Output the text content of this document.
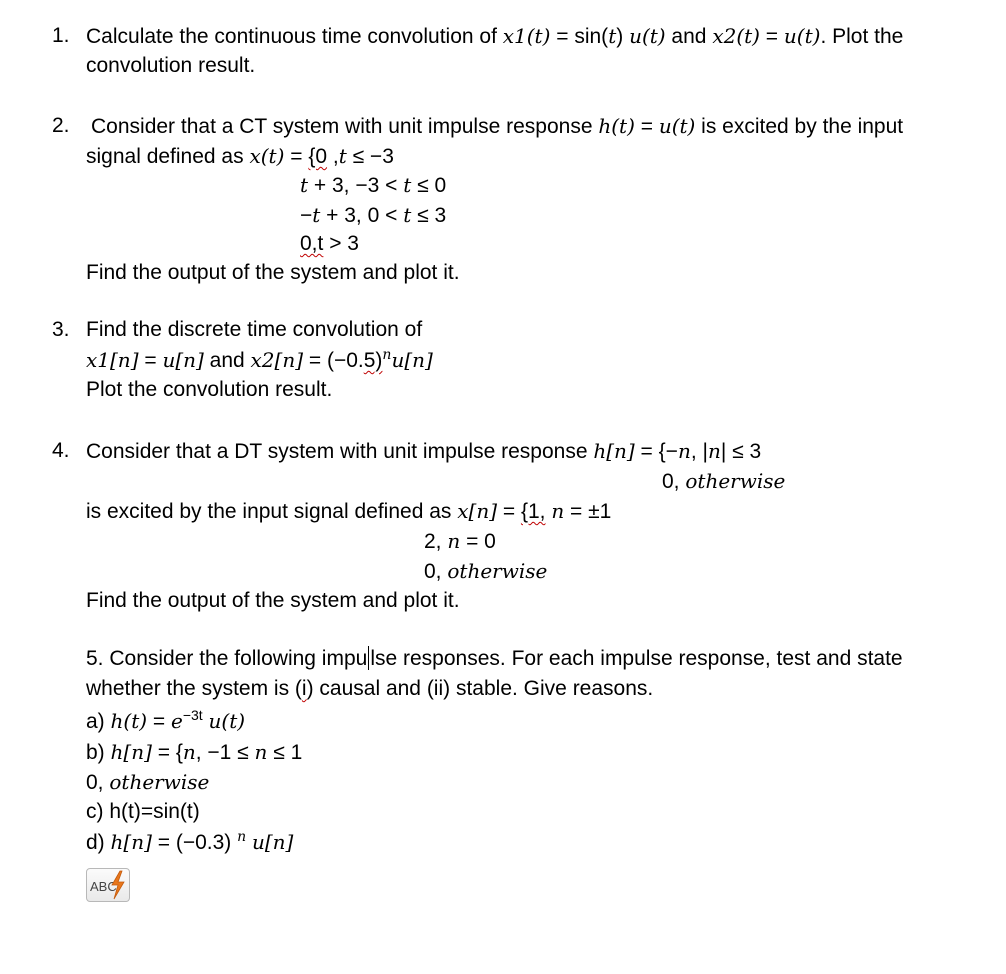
1. Calculate the continuous time convolution of x1(t) = sin(t) u(t) and x2(t) = u(t). Plot the
convolution result.
2. Consider that a CT system with unit impulse response h(t) = u(t) is excited by the input
signal defined as x(t) = {0 ,t ≤ −3
t + 3, −3 < t ≤ 0
−t + 3, 0 < t ≤ 3
0,t > 3
Find the output of the system and plot it.
3. Find the discrete time convolution of
x1[n] = u[n] and $x2[n] = (-0.5)^nu[n]$
Plot the convolution result.
4. Consider that a DT system with unit impulse response h[n] = {−n, |n| ≤ 3
0, otherwise
is excited by the input signal defined as x[n] = {1, n = ±1
2, n = 0
0, otherwise
Find the output of the system and plot it.
5. Consider the following impu lse responses. For each impulse response, test and state
whether the system is (i) causal and (ii) stable. Give reasons.
a) $h(t) = e^{-3t}$ u(t)
b) h[n] = {n, −1 ≤ n ≤ 1
0, otherwise
c) h(t)=sin(t)
d) h[n] = (−0.3) $^n$ u[n]
ABC
